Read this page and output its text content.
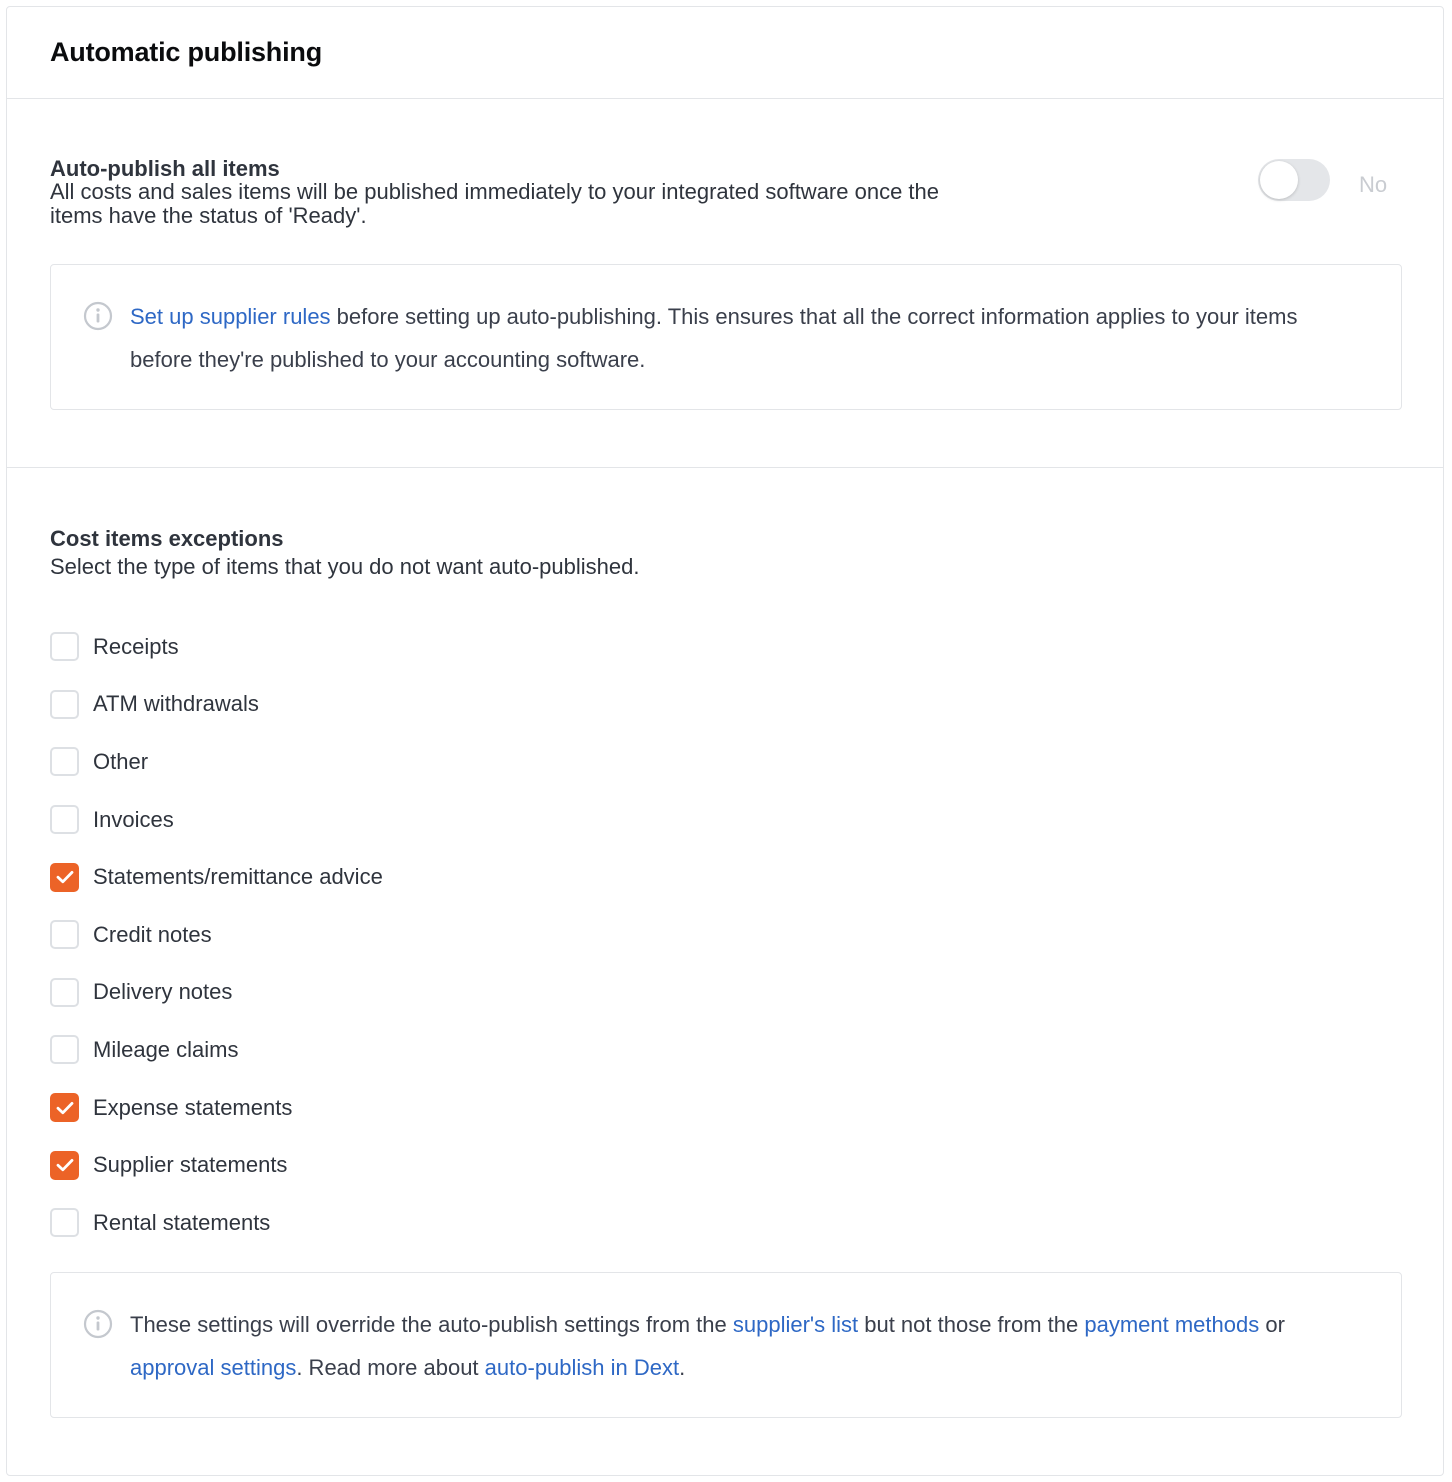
Automatic publishing
Auto-publish all items
All costs and sales items will be published immediately to your integrated software once the items have the status of 'Ready'.
No
Set up supplier rules before setting up auto-publishing. This ensures that all the correct information applies to your items before they're published to your accounting software.
Cost items exceptions
Select the type of items that you do not want auto-published.
Receipts
ATM withdrawals
Other
Invoices
Statements/remittance advice
Credit notes
Delivery notes
Mileage claims
Expense statements
Supplier statements
Rental statements
These settings will override the auto-publish settings from the supplier's list but not those from the payment methods or approval settings. Read more about auto-publish in Dext.
